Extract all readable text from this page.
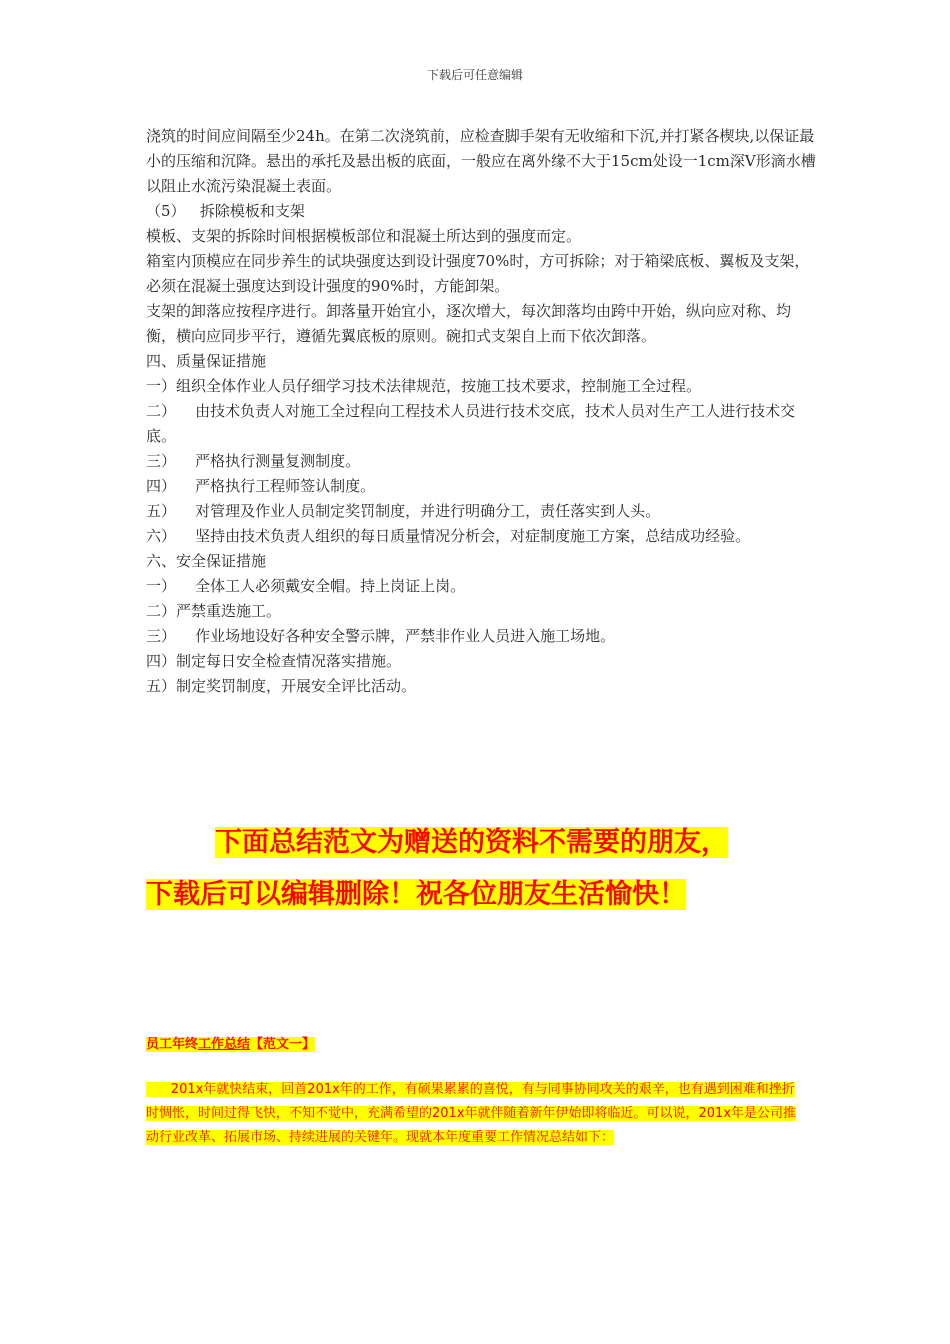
下载后可任意编辑

浇筑的时间应间隔至少24h。在第二次浇筑前，应检查脚手架有无收缩和下沉,并打紧各楔块,以保证最小的压缩和沉降。悬出的承托及悬出板的底面，一般应在离外缘不大于15cm处设一1cm深V形滴水槽以阻止水流污染混凝土表面。

（5）   拆除模板和支架

模板、支架的拆除时间根据模板部位和混凝土所达到的强度而定。

箱室内顶模应在同步养生的试块强度达到设计强度70%时，方可拆除；对于箱梁底板、翼板及支架，必须在混凝土强度达到设计强度的90%时，方能卸架。

支架的卸落应按程序进行。卸落量开始宜小，逐次增大，每次卸落均由跨中开始，纵向应对称、均衡，横向应同步平行，遵循先翼底板的原则。碗扣式支架自上而下依次卸落。

四、质量保证措施

一）组织全体作业人员仔细学习技术法律规范，按施工技术要求，控制施工全过程。

二）    由技术负责人对施工全过程向工程技术人员进行技术交底，技术人员对生产工人进行技术交底。

三）    严格执行测量复测制度。

四）    严格执行工程师签认制度。

五）    对管理及作业人员制定奖罚制度，并进行明确分工，责任落实到人头。

六）    坚持由技术负责人组织的每日质量情况分析会，对症制度施工方案，总结成功经验。

六、安全保证措施

一）    全体工人必须戴安全帽。持上岗证上岗。

二）严禁重迭施工。

三）    作业场地设好各种安全警示牌，严禁非作业人员进入施工场地。

四）制定每日安全检查情况落实措施。

五）制定奖罚制度，开展安全评比活动。

下面总结范文为赠送的资料不需要的朋友，
下载后可以编辑删除！祝各位朋友生活愉快！
员工年终工作总结【范文一】
201x年就快结束，回首201x年的工作，有硕果累累的喜悦，有与同事协同攻关的艰辛，也有遇到困难和挫折时惆怅，时间过得飞快，不知不觉中，充满希望的201x年就伴随着新年伊始即将临近。可以说，201x年是公司推动行业改革、拓展市场、持续进展的关键年。现就本年度重要工作情况总结如下：
